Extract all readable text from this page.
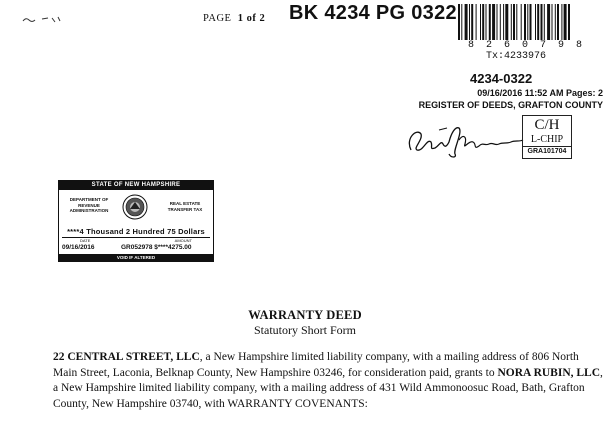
PAGE 1 of 2 BK 4234 PG 0322
8 2 6 0 7 9 8
Tx:4233976
4234-0322
09/16/2016 11:52 AM Pages: 2
REGISTER OF DEEDS, GRAFTON COUNTY
C/H
L-CHIP
GRA101704
STATE OF NEW HAMPSHIRE
DEPARTMENT OF REVENUE ADMINISTRATION
REAL ESTATE TRANSFER TAX
****4 Thousand 2 Hundred 75 Dollars
DATE	AMOUNT
09/16/2016	GR052978 $****4275.00
VOID IF ALTERED
WARRANTY DEED
Statutory Short Form
22 CENTRAL STREET, LLC, a New Hampshire limited liability company, with a mailing address of 806 North Main Street, Laconia, Belknap County, New Hampshire 03246, for consideration paid, grants to NORA RUBIN, LLC, a New Hampshire limited liability company, with a mailing address of 431 Wild Ammonoosuc Road, Bath, Grafton County, New Hampshire 03740, with WARRANTY COVENANTS:
